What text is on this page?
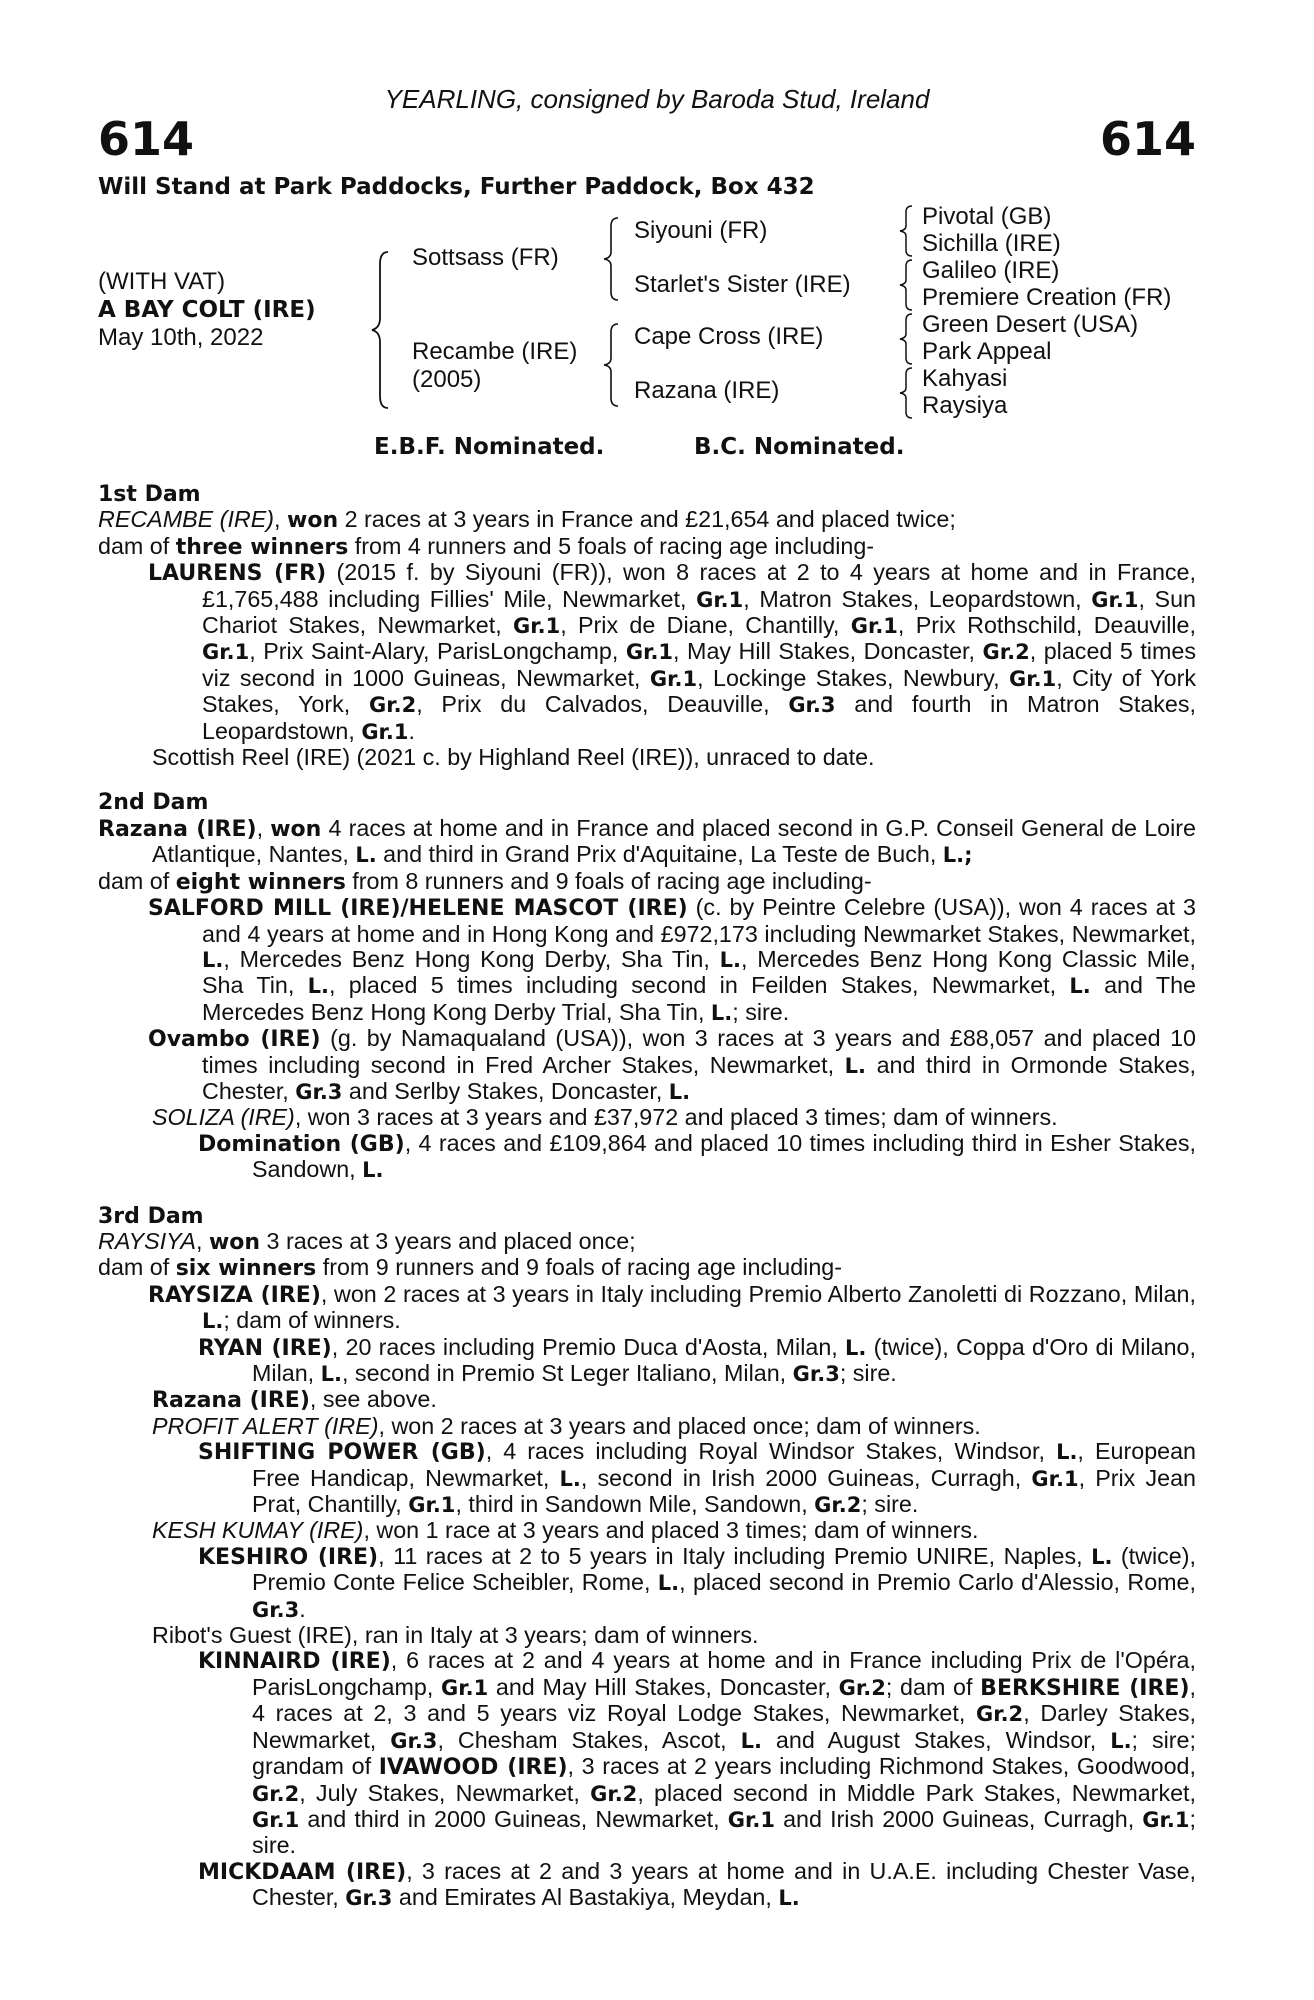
YEARLING, consigned by Baroda Stud, Ireland
614	614
Will Stand at Park Paddocks, Further Paddock, Box 432
(WITH VAT)
A BAY COLT (IRE)
May 10th, 2022
Sottsass (FR)
Recambe (IRE)
(2005)
Siyouni (FR)
Starlet's Sister (IRE)
Cape Cross (IRE)
Razana (IRE)
Pivotal (GB)
Sichilla (IRE)
Galileo (IRE)
Premiere Creation (FR)
Green Desert (USA)
Park Appeal
Kahyasi
Raysiya
E.B.F. Nominated.	B.C. Nominated.
1st Dam
RECAMBE (IRE), won 2 races at 3 years in France and £21,654 and placed twice;
dam of three winners from 4 runners and 5 foals of racing age including-
LAURENS (FR) (2015 f. by Siyouni (FR)), won 8 races at 2 to 4 years at home and in France, £1,765,488 including Fillies' Mile, Newmarket, Gr.1, Matron Stakes, Leopardstown, Gr.1, Sun Chariot Stakes, Newmarket, Gr.1, Prix de Diane, Chantilly, Gr.1, Prix Rothschild, Deauville, Gr.1, Prix Saint-Alary, ParisLongchamp, Gr.1, May Hill Stakes, Doncaster, Gr.2, placed 5 times viz second in 1000 Guineas, Newmarket, Gr.1, Lockinge Stakes, Newbury, Gr.1, City of York Stakes, York, Gr.2, Prix du Calvados, Deauville, Gr.3 and fourth in Matron Stakes, Leopardstown, Gr.1.
Scottish Reel (IRE) (2021 c. by Highland Reel (IRE)), unraced to date.
2nd Dam
Razana (IRE), won 4 races at home and in France and placed second in G.P. Conseil General de Loire Atlantique, Nantes, L. and third in Grand Prix d'Aquitaine, La Teste de Buch, L.;
dam of eight winners from 8 runners and 9 foals of racing age including-
SALFORD MILL (IRE)/HELENE MASCOT (IRE) (c. by Peintre Celebre (USA)), won 4 races at 3 and 4 years at home and in Hong Kong and £972,173 including Newmarket Stakes, Newmarket, L., Mercedes Benz Hong Kong Derby, Sha Tin, L., Mercedes Benz Hong Kong Classic Mile, Sha Tin, L., placed 5 times including second in Feilden Stakes, Newmarket, L. and The Mercedes Benz Hong Kong Derby Trial, Sha Tin, L.; sire.
Ovambo (IRE) (g. by Namaqualand (USA)), won 3 races at 3 years and £88,057 and placed 10 times including second in Fred Archer Stakes, Newmarket, L. and third in Ormonde Stakes, Chester, Gr.3 and Serlby Stakes, Doncaster, L.
SOLIZA (IRE), won 3 races at 3 years and £37,972 and placed 3 times; dam of winners.
Domination (GB), 4 races and £109,864 and placed 10 times including third in Esher Stakes, Sandown, L.
3rd Dam
RAYSIYA, won 3 races at 3 years and placed once;
dam of six winners from 9 runners and 9 foals of racing age including-
RAYSIZA (IRE), won 2 races at 3 years in Italy including Premio Alberto Zanoletti di Rozzano, Milan, L.; dam of winners.
RYAN (IRE), 20 races including Premio Duca d'Aosta, Milan, L. (twice), Coppa d'Oro di Milano, Milan, L., second in Premio St Leger Italiano, Milan, Gr.3; sire.
Razana (IRE), see above.
PROFIT ALERT (IRE), won 2 races at 3 years and placed once; dam of winners.
SHIFTING POWER (GB), 4 races including Royal Windsor Stakes, Windsor, L., European Free Handicap, Newmarket, L., second in Irish 2000 Guineas, Curragh, Gr.1, Prix Jean Prat, Chantilly, Gr.1, third in Sandown Mile, Sandown, Gr.2; sire.
KESH KUMAY (IRE), won 1 race at 3 years and placed 3 times; dam of winners.
KESHIRO (IRE), 11 races at 2 to 5 years in Italy including Premio UNIRE, Naples, L. (twice), Premio Conte Felice Scheibler, Rome, L., placed second in Premio Carlo d'Alessio, Rome, Gr.3.
Ribot's Guest (IRE), ran in Italy at 3 years; dam of winners.
KINNAIRD (IRE), 6 races at 2 and 4 years at home and in France including Prix de l'Opéra, ParisLongchamp, Gr.1 and May Hill Stakes, Doncaster, Gr.2; dam of BERKSHIRE (IRE), 4 races at 2, 3 and 5 years viz Royal Lodge Stakes, Newmarket, Gr.2, Darley Stakes, Newmarket, Gr.3, Chesham Stakes, Ascot, L. and August Stakes, Windsor, L.; sire; grandam of IVAWOOD (IRE), 3 races at 2 years including Richmond Stakes, Goodwood, Gr.2, July Stakes, Newmarket, Gr.2, placed second in Middle Park Stakes, Newmarket, Gr.1 and third in 2000 Guineas, Newmarket, Gr.1 and Irish 2000 Guineas, Curragh, Gr.1; sire.
MICKDAAM (IRE), 3 races at 2 and 3 years at home and in U.A.E. including Chester Vase, Chester, Gr.3 and Emirates Al Bastakiya, Meydan, L.
